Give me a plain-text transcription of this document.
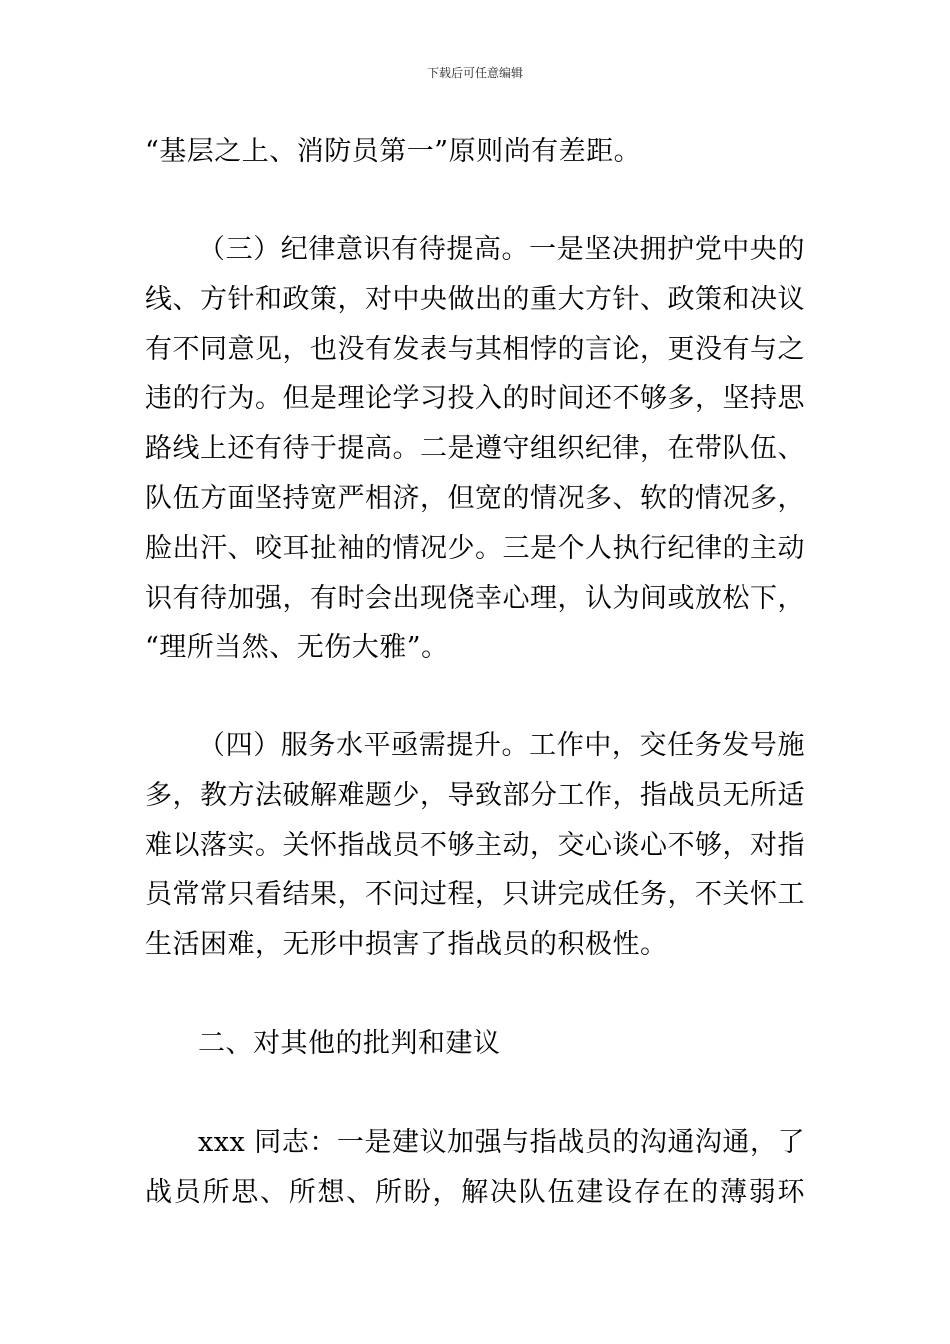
下载后可任意编辑
“基层之上、消防员第一”原则尚有差距。
（三）纪律意识有待提高。一是坚决拥护党中央的
线、方针和政策，对中央做出的重大方针、政策和决议
有不同意见，也没有发表与其相悖的言论，更没有与之
违的行为。但是理论学习投入的时间还不够多，坚持思
路线上还有待于提高。二是遵守组织纪律，在带队伍、
队伍方面坚持宽严相济，但宽的情况多、软的情况多，
脸出汗、咬耳扯袖的情况少。三是个人执行纪律的主动
识有待加强，有时会出现侥幸心理，认为间或放松下，
“理所当然、无伤大雅”。
（四）服务水平亟需提升。工作中，交任务发号施
多，教方法破解难题少，导致部分工作，指战员无所适
难以落实。关怀指战员不够主动，交心谈心不够，对指
员常常只看结果，不问过程，只讲完成任务，不关怀工
生活困难，无形中损害了指战员的积极性。
二、对其他的批判和建议
xxx 同志：一是建议加强与指战员的沟通沟通，了
战员所思、所想、所盼，解决队伍建设存在的薄弱环
